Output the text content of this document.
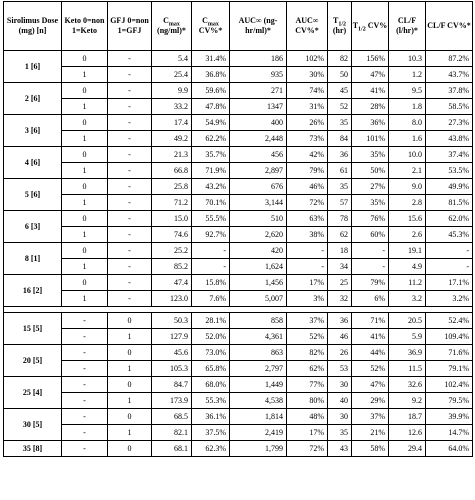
Sirolimus Dose (mg) [n]	Keto 0=non 1=Keto	GFJ 0=non 1=GFJ	$C_{max}$ (ng/ml)*	$C_{max}$ CV%*	AUC∞ (ng-hr/ml)*	AUC∞ CV%*	$T_{1/2}$ (hr)	$T_{1/2}$ CV%	CL/F (l/hr)*	CL/F CV%*
1 [6]	0	-	5.4	31.4%	186	102%	82	156%	10.3	87.2%
	1	-	25.4	36.8%	935	30%	50	47%	1.2	43.7%
2 [6]	0	-	9.9	59.6%	271	74%	45	41%	9.5	37.8%
	1	-	33.2	47.8%	1347	31%	52	28%	1.8	58.5%
3 [6]	0	-	17.4	54.9%	400	26%	35	36%	8.0	27.3%
	1	-	49.2	62.2%	2,448	73%	84	101%	1.6	43.8%
4 [6]	0	-	21.3	35.7%	456	42%	36	35%	10.0	37.4%
	1	-	66.8	71.9%	2,897	79%	61	50%	2.1	53.5%
5 [6]	0	-	25.8	43.2%	676	46%	35	27%	9.0	49.9%
	1	-	71.2	70.1%	3,144	72%	57	35%	2.8	81.5%
6 [3]	0	-	15.0	55.5%	510	63%	78	76%	15.6	62.0%
	1	-	74.6	92.7%	2,620	38%	62	60%	2.6	45.3%
8 [1]	0	-	25.2	-	420	-	18	-	19.1	-
	1	-	85.2	-	1,624	-	34	-	4.9	-
16 [2]	0	-	47.4	15.8%	1,456	17%	25	79%	11.2	17.1%
	1	-	123.0	7.6%	5,007	3%	32	6%	3.2	3.2%

15 [5]	-	0	50.3	28.1%	858	37%	36	71%	20.5	52.4%
	-	1	127.9	52.0%	4,361	52%	46	41%	5.9	109.4%
20 [5]	-	0	45.6	73.0%	863	82%	26	44%	36.9	71.6%
	-	1	105.3	65.8%	2,797	62%	53	52%	11.5	79.1%
25 [4]	-	0	84.7	68.0%	1,449	77%	30	47%	32.6	102.4%
	-	1	173.9	55.3%	4,538	80%	40	29%	9.2	79.5%
30 [5]	-	0	68.5	36.1%	1,814	48%	30	37%	18.7	39.9%
	-	1	82.1	37.5%	2,419	17%	35	21%	12.6	14.7%
35 [8]	-	0	68.1	62.3%	1,799	72%	43	58%	29.4	64.0%
